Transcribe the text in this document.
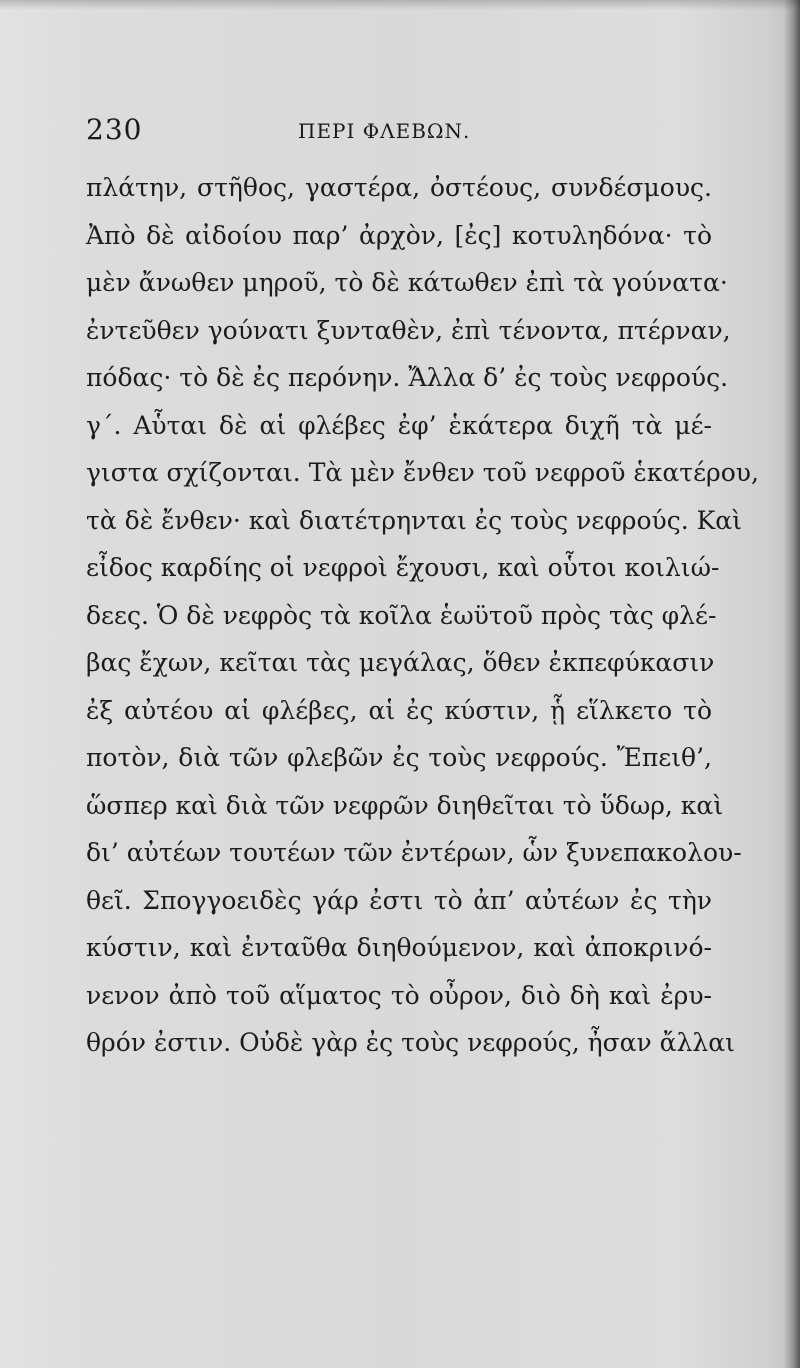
230	ΠΕΡΙ ΦΛΕΒΩΝ.
πλάτην, στῆθος, γαστέρα, ὀστέους, συνδέσμους.
Ἀπὸ δὲ αἰδοίου παρ’ ἀρχὸν, [ἐς] κοτυληδόνα· τὸ
μὲν ἄνωθεν μηροῦ, τὸ δὲ κάτωθεν ἐπὶ τὰ γούνατα·
ἐντεῦθεν γούνατι ξυνταθὲν, ἐπὶ τένοντα, πτέρναν,
πόδας· τὸ δὲ ἐς περόνην. Ἄλλα δ’ ἐς τοὺς νεφρούς.
γ΄. Αὗται δὲ αἱ φλέβες ἐφ’ ἑκάτερα διχῆ τὰ μέ-
γιστα σχίζονται. Τὰ μὲν ἔνθεν τοῦ νεφροῦ ἑκατέρου,
τὰ δὲ ἔνθεν· καὶ διατέτρηνται ἐς τοὺς νεφρούς. Καὶ
εἶδος καρδίης οἱ νεφροὶ ἔχουσι, καὶ οὗτοι κοιλιώ-
δεες. Ὁ δὲ νεφρὸς τὰ κοῖλα ἑωϋτοῦ πρὸς τὰς φλέ-
βας ἔχων, κεῖται τὰς μεγάλας, ὅθεν ἐκπεφύκασιν
ἐξ αὐτέου αἱ φλέβες, αἱ ἐς κύστιν, ᾗ εἵλκετο τὸ
ποτὸν, διὰ τῶν φλεβῶν ἐς τοὺς νεφρούς. Ἔπειθ’,
ὥσπερ καὶ διὰ τῶν νεφρῶν διηθεῖται τὸ ὕδωρ, καὶ
δι’ αὐτέων τουτέων τῶν ἐντέρων, ὧν ξυνεπακολου-
θεῖ. Σπογγοειδὲς γάρ ἐστι τὸ ἀπ’ αὐτέων ἐς τὴν
κύστιν, καὶ ἐνταῦθα διηθούμενον, καὶ ἀποκρινό-
νενον ἀπὸ τοῦ αἵματος τὸ οὖρον, διὸ δὴ καὶ ἐρυ-
θρόν ἐστιν. Οὐδὲ γὰρ ἐς τοὺς νεφρούς, ἦσαν ἄλλαι
